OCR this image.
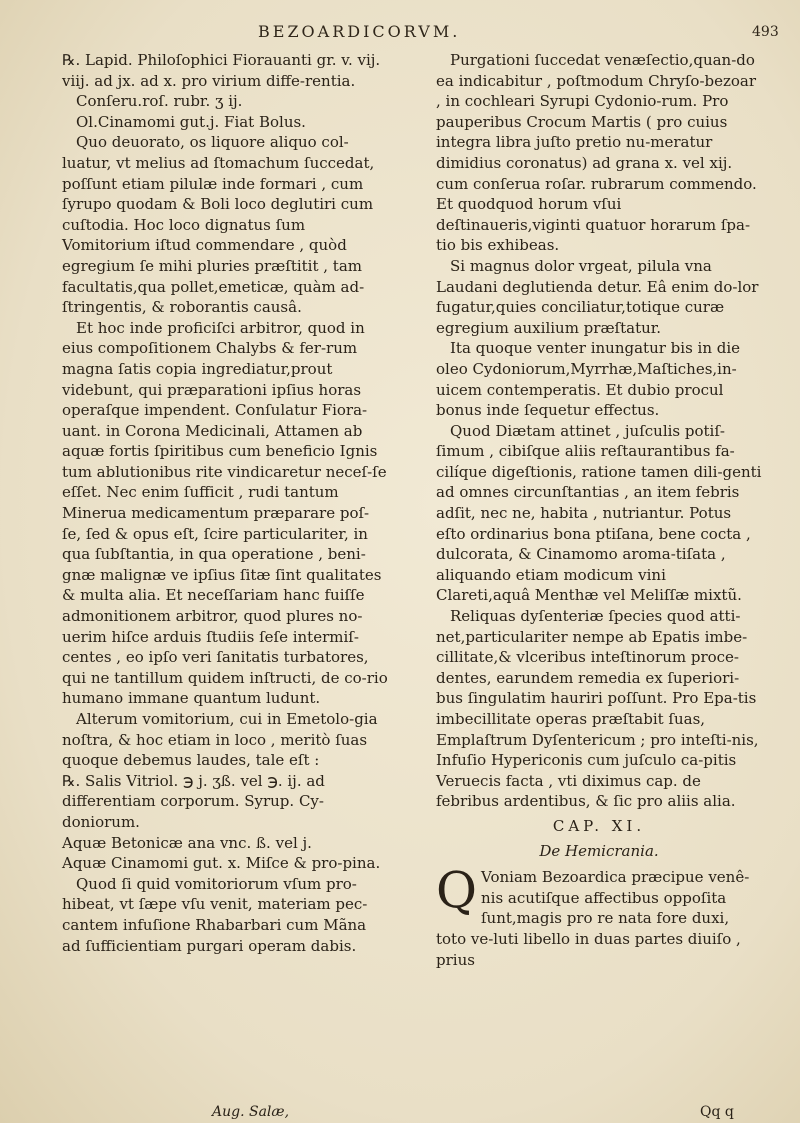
BEZOARDICORVM.	493

℞. Lapid. Philoſophici Fiorauanti gr. v. vij. viij. ad jx. ad x. pro virium diffe-rentia.

Conſeru.roſ. rubr. ʒ ij.

Ol.Cinamomi gut.j. Fiat Bolus.

Quo deuorato, os liquore aliquo col-luatur, vt melius ad ſtomachum ſuccedat, poſſunt etiam pilulæ inde formari , cum ſyrupo quodam & Boli loco deglutiri cum cuſtodia. Hoc loco dignatus ſum Vomitorium iſtud commendare , quòd egregium ſe mihi pluries præſtitit , tam facultatis,qua pollet,emeticæ, quàm ad-ſtringentis, & roborantis causâ.

Et hoc inde proficiſci arbitror, quod in eius compoſitionem Chalybs & fer-rum magna ſatis copia ingrediatur,prout videbunt, qui præparationi ipſius horas operaſque impendent. Conſulatur Fiora-uant. in Corona Medicinali, Attamen ab aquæ fortis ſpiritibus cum beneficio Ignis tum ablutionibus rite vindicaretur neceſ-ſe eſſet. Nec enim ſufficit , rudi tantum Minerua medicamentum præparare poſ-ſe, ſed & opus eſt, ſcire particulariter, in qua ſubſtantia, in qua operatione , beni-gnæ malignæ ve ipſius ſitæ ſint qualitates & multa alia. Et neceſſariam hanc fuiſſe admonitionem arbitror, quod plures no-uerim hiſce arduis ſtudiis ſeſe intermiſ-centes , eo ipſo veri ſanitatis turbatores, qui ne tantillum quidem inſtructi, de co-rio humano immane quantum ludunt.

Alterum vomitorium, cui in Emetolo-gia noſtra, & hoc etiam in loco , meritò ſuas quoque debemus laudes, tale eſt :

℞. Salis Vitriol. ℈ j. ʒß. vel ℈. ij. ad differentiam corporum. Syrup. Cy-doniorum.

Aquæ Betonicæ ana vnc. ß. vel j.

Aquæ Cinamomi gut. x. Miſce & pro-pina.

Quod ſi quid vomitoriorum vſum pro-hibeat, vt ſæpe vſu venit, materiam pec-cantem infuſione Rhabarbari cum Mãna ad ſufficientiam purgari operam dabis.

Purgationi ſuccedat venæſectio,quan-do ea indicabitur , poſtmodum Chryſo-bezoar , in cochleari Syrupi Cydonio-rum. Pro pauperibus Crocum Martis ( pro cuius integra libra juſto pretio nu-meratur dimidius coronatus) ad grana x. vel xij. cum conſerua roſar. rubrarum commendo. Et quodquod horum vſui deſtinaueris,viginti quatuor horarum ſpa-tio bis exhibeas.

Si magnus dolor vrgeat, pilula vna Laudani deglutienda detur. Eâ enim do-lor fugatur,quies conciliatur,totique curæ egregium auxilium præſtatur.

Ita quoque venter inungatur bis in die oleo Cydoniorum,Myrrhæ,Maſtiches,in-uicem contemperatis. Et dubio procul bonus inde ſequetur effectus.

Quod Diætam attinet , juſculis potiſ-ſimum , cibiſque aliis reſtaurantibus fa-cilíque digeſtionis, ratione tamen dili-genti ad omnes circunſtantias , an item febris adſit, nec ne, habita , nutriantur. Potus eſto ordinarius bona ptiſana, bene cocta , dulcorata, & Cinamomo aroma-tiſata , aliquando etiam modicum vini Clareti,aquâ Menthæ vel Meliſſæ mixtũ.

Reliquas dyſenteriæ ſpecies quod atti-net,particulariter nempe ab Epatis imbe-cillitate,& vlceribus inteſtinorum proce-dentes, earundem remedia ex ſuperiori-bus ſingulatim hauriri poſſunt. Pro Epa-tis imbecillitate operas præſtabit ſuas, Emplaſtrum Dyſentericum ; pro inteſti-nis, Infuſio Hypericonis cum juſculo ca-pitis Veruecis facta , vti diximus cap. de febribus ardentibus, & ſic pro aliis alia.

CAP. XI.
De Hemicrania.

Q Voniam Bezoardica præcipue venê-nis acutiſque affectibus oppoſita ſunt,magis pro re nata fore duxi, toto ve-luti libello in duas partes diuiſo , prius

Aug. Salæ,	Qq q
